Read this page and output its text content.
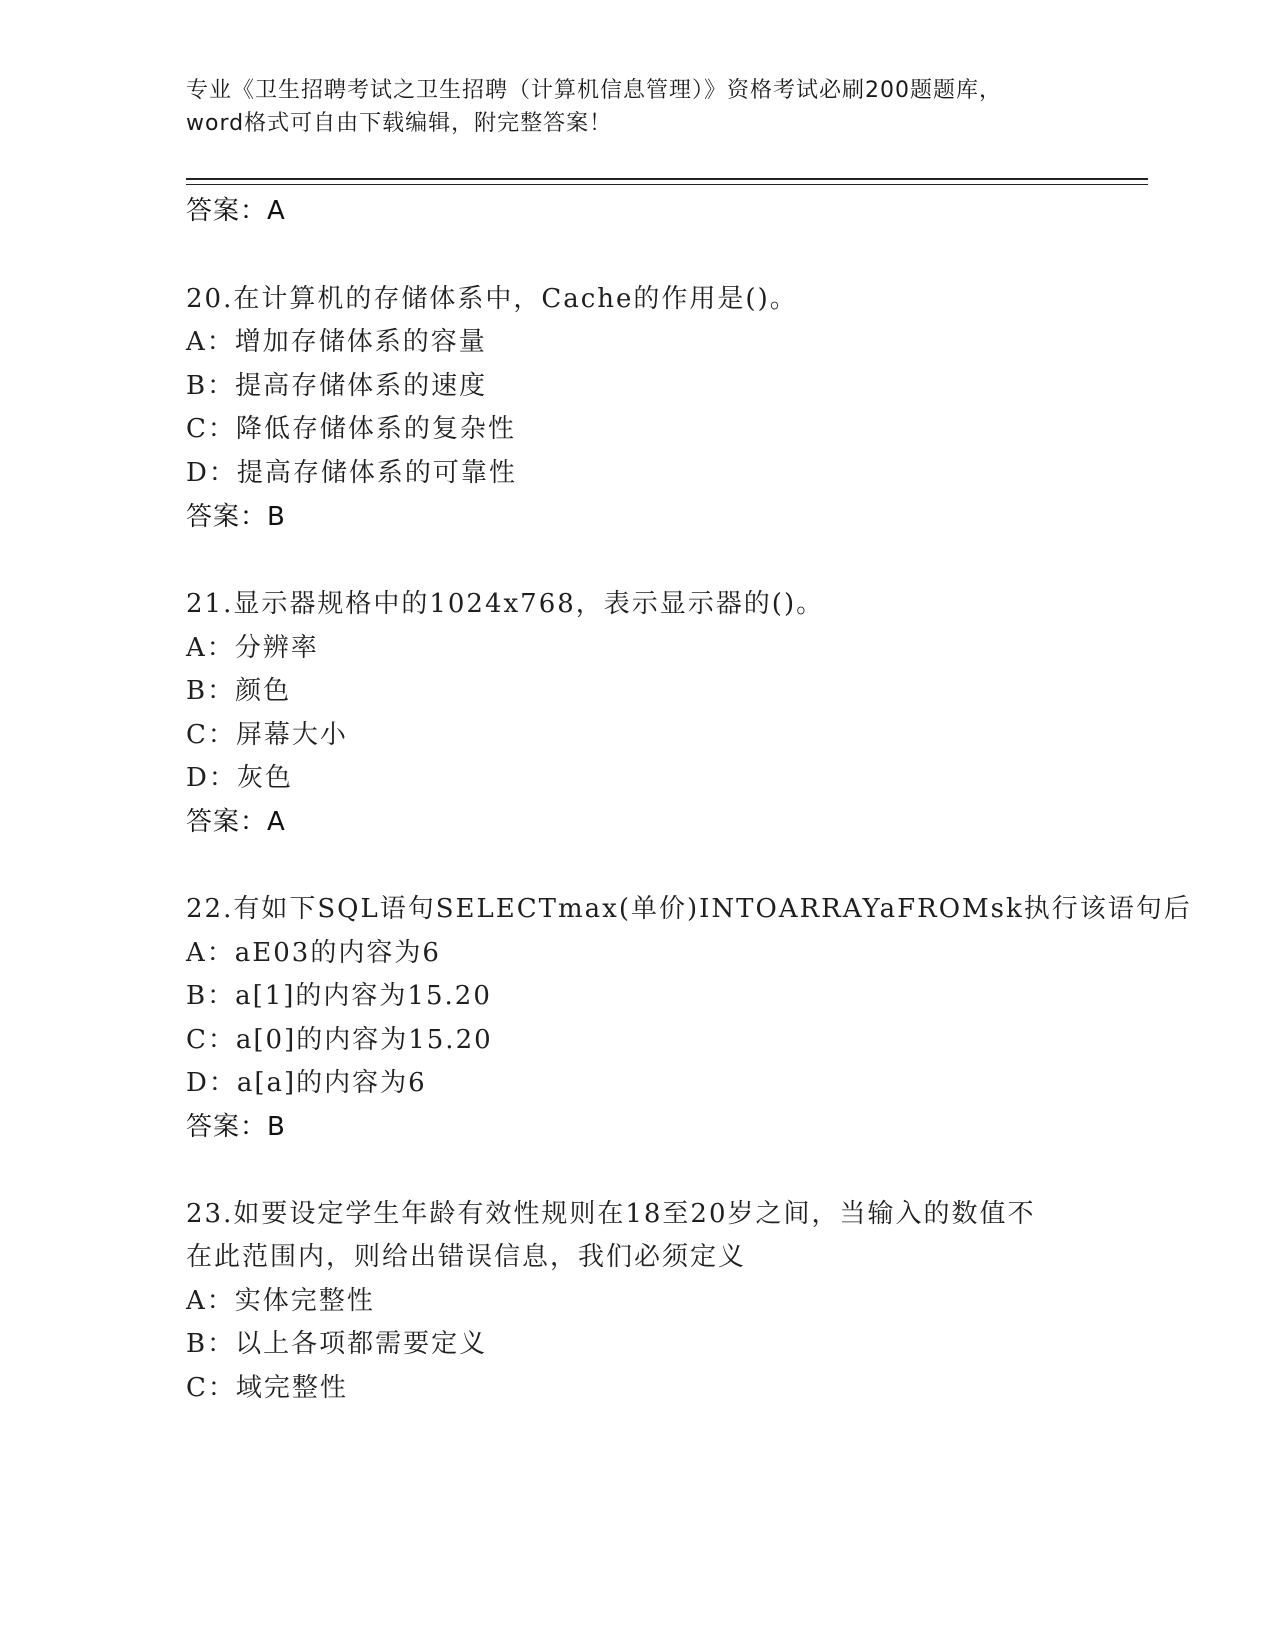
专业《卫生招聘考试之卫生招聘（计算机信息管理）》资格考试必刷200题题库，
word格式可自由下载编辑，附完整答案！
答案：A
20.在计算机的存储体系中，Cache的作用是()。
A：增加存储体系的容量
B：提高存储体系的速度
C：降低存储体系的复杂性
D：提高存储体系的可靠性
答案：B
21.显示器规格中的1024x768，表示显示器的()。
A：分辨率
B：颜色
C：屏幕大小
D：灰色
答案：A
22.有如下SQL语句SELECTmax(单价)INTOARRAYaFROMsk执行该语句后
A：aE03的内容为6
B：a[1]的内容为15.20
C：a[0]的内容为15.20
D：a[a]的内容为6
答案：B
23.如要设定学生年龄有效性规则在18至20岁之间，当输入的数值不
在此范围内，则给出错误信息，我们必须定义
A：实体完整性
B：以上各项都需要定义
C：域完整性
